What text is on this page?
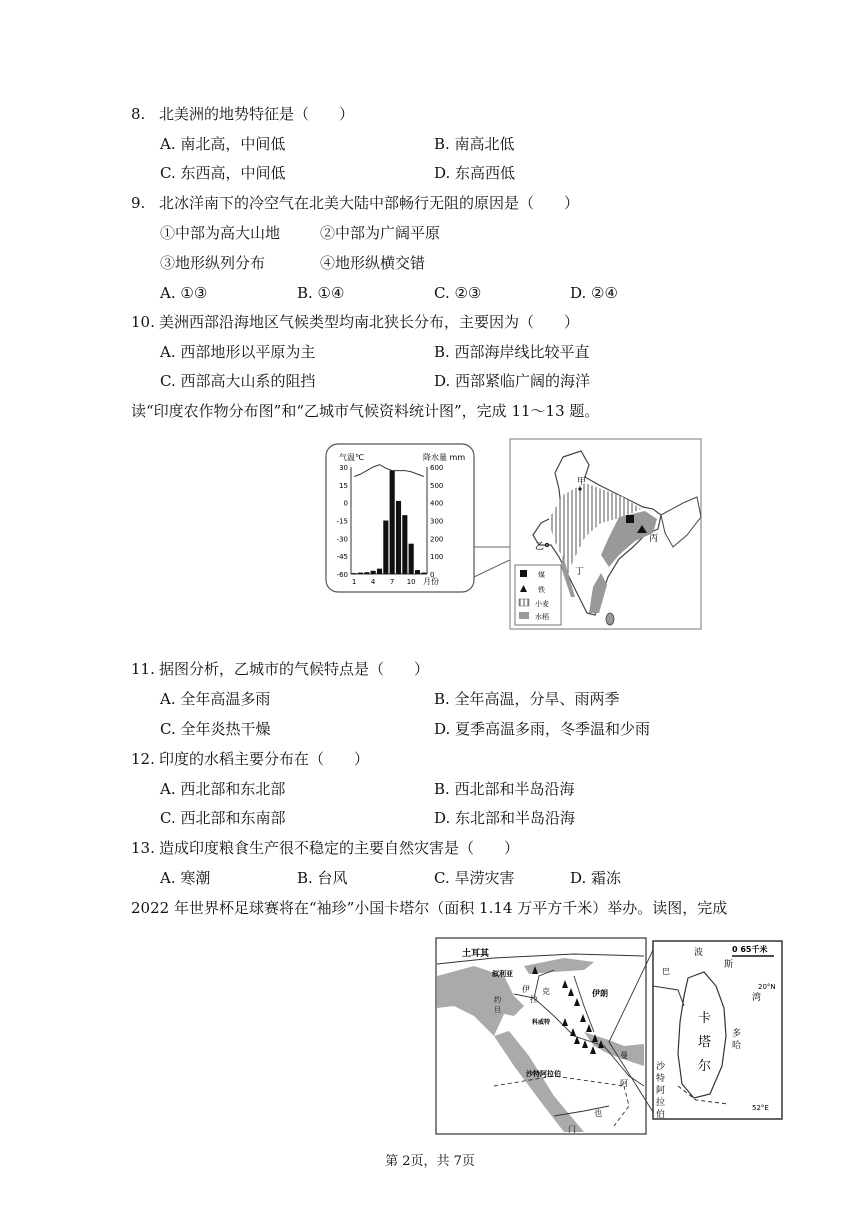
8. 北美洲的地势特征是（　　）
A. 南北高，中间低	B. 南高北低
C. 东西高，中间低	D. 东高西低
9. 北冰洋南下的冷空气在北美大陆中部畅行无阻的原因是（　　）
①中部为高大山地	②中部为广阔平原
③地形纵列分布	④地形纵横交错
A. ①③	B. ①④	C. ②③	D. ②④
10. 美洲西部沿海地区气候类型均南北狭长分布，主要因为（　　）
A. 西部地形以平原为主	B. 西部海岸线比较平直
C. 西部高大山系的阻挡	D. 西部紧临广阔的海洋
读“印度农作物分布图”和“乙城市气候资料统计图”，完成 11～13 题。
气温℃	降水量 mm
月份
30
15
0
-15
-30
-45
-60
600
500
400
300
200
100
0
1 4 7 10
甲
丙
丁
乙
煤
铁
小麦
水稻
11. 据图分析，乙城市的气候特点是（　　）
A. 全年高温多雨	B. 全年高温，分旱、雨两季
C. 全年炎热干燥	D. 夏季高温多雨，冬季温和少雨
12. 印度的水稻主要分布在（　　）
A. 西北部和东北部	B. 西北部和半岛沿海
C. 西北部和东南部	D. 东北部和半岛沿海
13. 造成印度粮食生产很不稳定的主要自然灾害是（　　）
A. 寒潮	B. 台风	C. 旱涝灾害	D. 霜冻
2022 年世界杯足球赛将在“袖珍”小国卡塔尔（面积 1.14 万平方千米）举办。读图，完成
土耳其
叙利亚
伊
拉
克	伊朗
约
旦
科威特
沙特阿拉伯
阿
曼
也
门
波
斯
湾
0 65千米
20°N
52°E
卡
塔
尔
多
哈
巴
沙
特
阿
拉
伯
第 2页，共 7页
